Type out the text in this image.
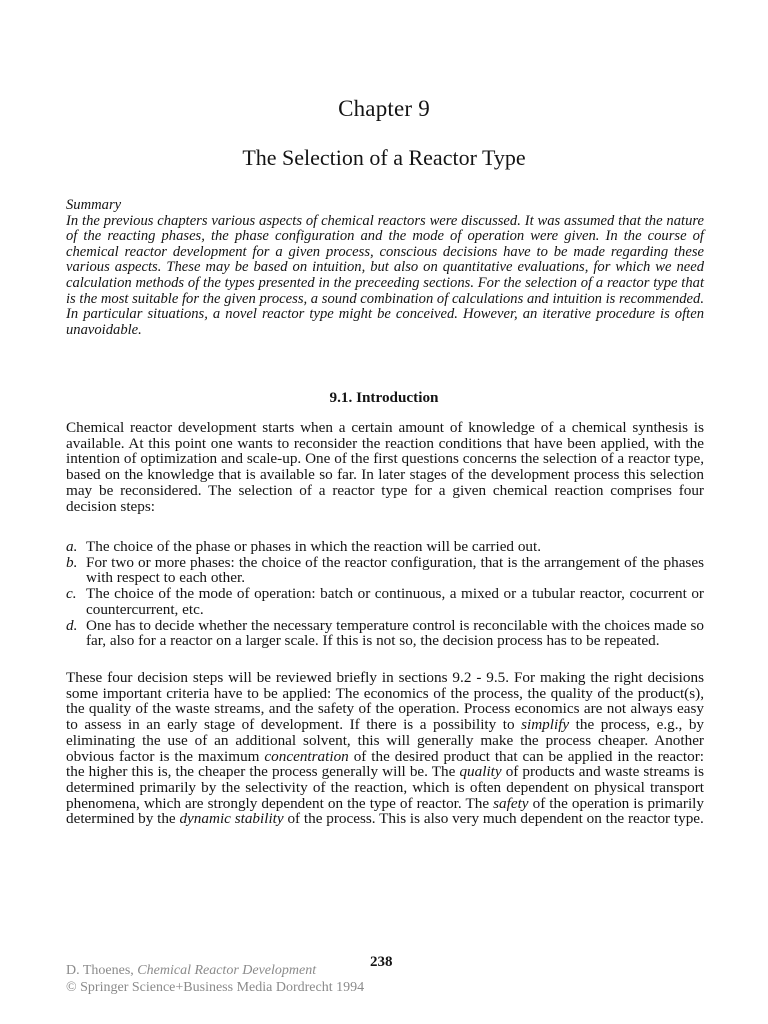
Chapter 9
The Selection of a Reactor Type
Summary
In the previous chapters various aspects of chemical reactors were discussed. It was assumed that the nature of the reacting phases, the phase configuration and the mode of operation were given. In the course of chemical reactor development for a given process, conscious decisions have to be made regarding these various aspects. These may be based on intuition, but also on quantitative evaluations, for which we need calculation methods of the types presented in the preceeding sections. For the selection of a reactor type that is the most suitable for the given process, a sound combination of calculations and intuition is recommended. In particular situations, a novel reactor type might be conceived. However, an iterative procedure is often unavoidable.
9.1. Introduction
Chemical reactor development starts when a certain amount of knowledge of a chemical synthesis is available. At this point one wants to reconsider the reaction conditions that have been applied, with the intention of optimization and scale-up. One of the first questions concerns the selection of a reactor type, based on the knowledge that is available so far. In later stages of the development process this selection may be reconsidered. The selection of a reactor type for a given chemical reaction comprises four decision steps:
a. The choice of the phase or phases in which the reaction will be carried out.
b. For two or more phases: the choice of the reactor configuration, that is the arrangement of the phases with respect to each other.
c. The choice of the mode of operation: batch or continuous, a mixed or a tubular reactor, cocurrent or countercurrent, etc.
d. One has to decide whether the necessary temperature control is reconcilable with the choices made so far, also for a reactor on a larger scale. If this is not so, the decision process has to be repeated.
These four decision steps will be reviewed briefly in sections 9.2 - 9.5. For making the right decisions some important criteria have to be applied: The economics of the process, the quality of the product(s), the quality of the waste streams, and the safety of the operation. Process economics are not always easy to assess in an early stage of development. If there is a possibility to simplify the process, e.g., by eliminating the use of an additional solvent, this will generally make the process cheaper. Another obvious factor is the maximum concentration of the desired product that can be applied in the reactor: the higher this is, the cheaper the process generally will be. The quality of products and waste streams is determined primarily by the selectivity of the reaction, which is often dependent on physical transport phenomena, which are strongly dependent on the type of reactor. The safety of the operation is primarily determined by the dynamic stability of the process. This is also very much dependent on the reactor type.
238
D. Thoenes, Chemical Reactor Development
© Springer Science+Business Media Dordrecht 1994
